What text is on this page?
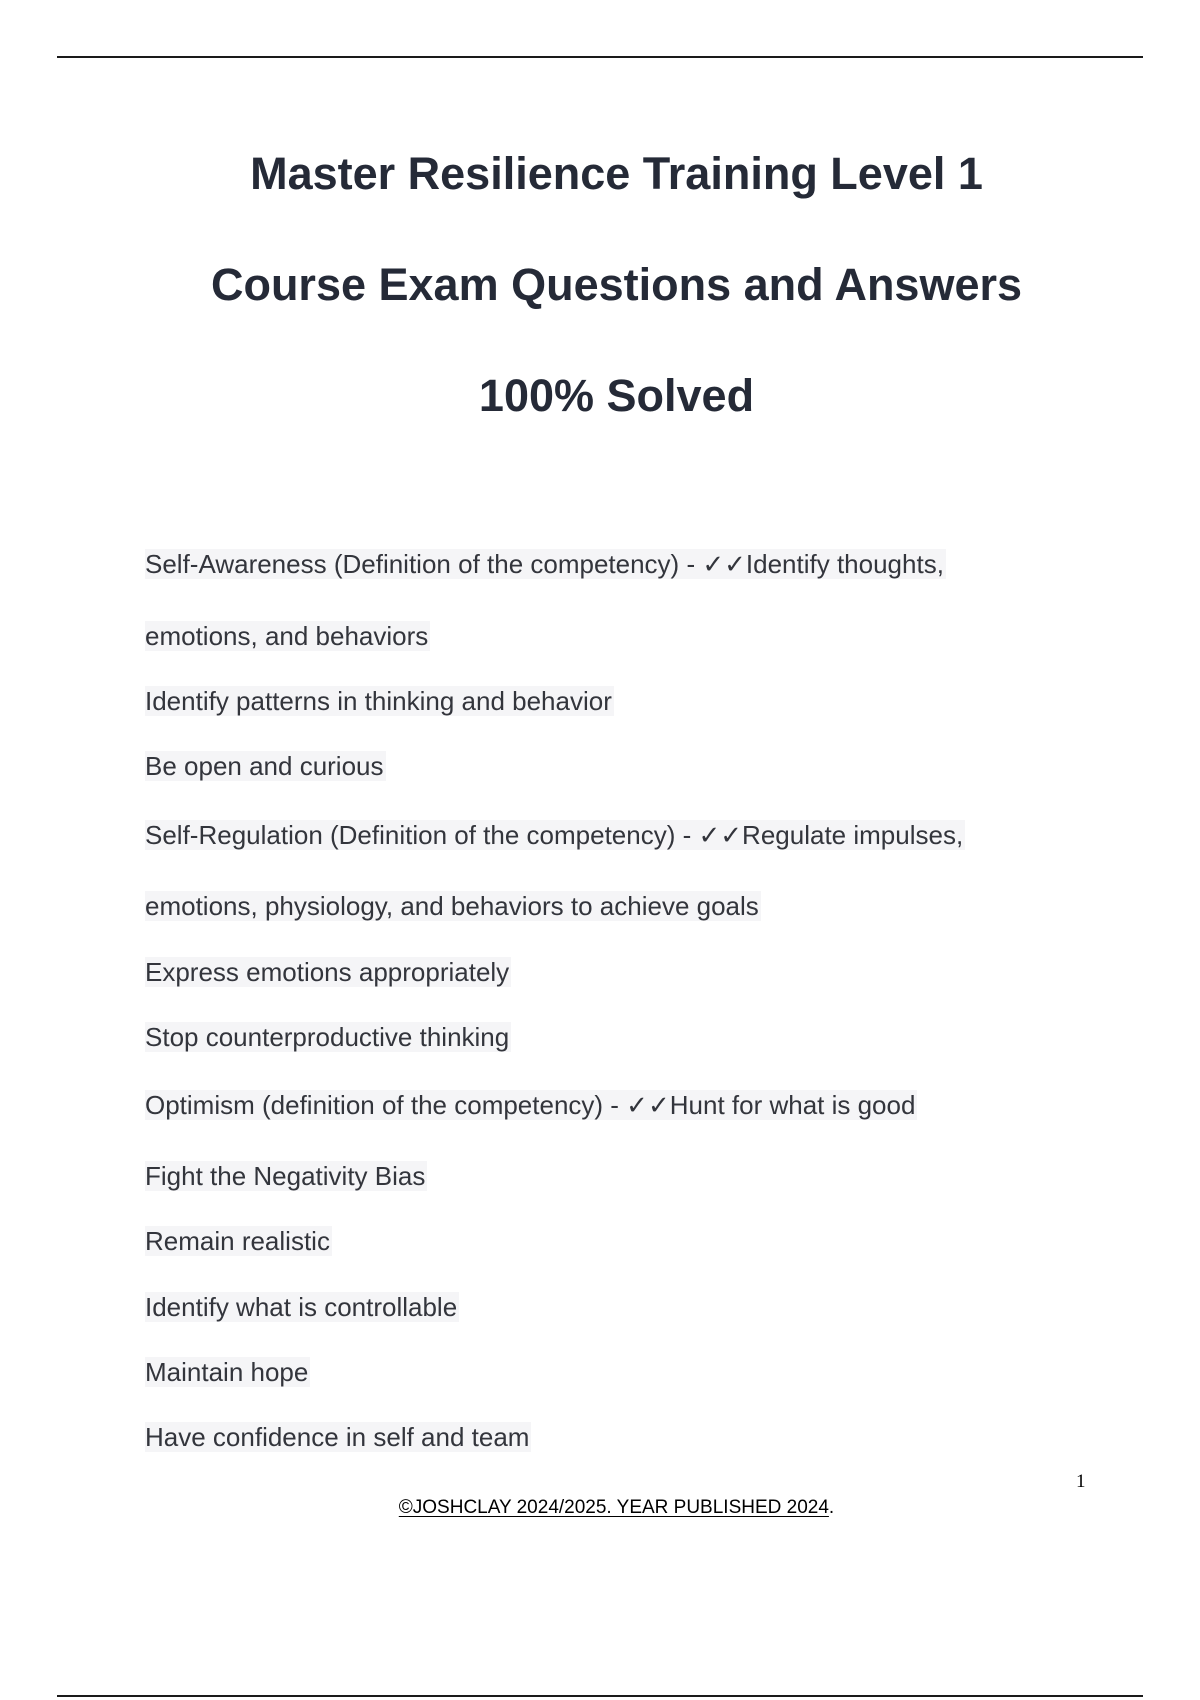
Master Resilience Training Level 1
Course Exam Questions and Answers
100% Solved
Self-Awareness (Definition of the competency) - ✓✓Identify thoughts,
emotions, and behaviors
Identify patterns in thinking and behavior
Be open and curious
Self-Regulation (Definition of the competency) - ✓✓Regulate impulses,
emotions, physiology, and behaviors to achieve goals
Express emotions appropriately
Stop counterproductive thinking
Optimism (definition of the competency) - ✓✓Hunt for what is good
Fight the Negativity Bias
Remain realistic
Identify what is controllable
Maintain hope
Have confidence in self and team
1
©JOSHCLAY 2024/2025. YEAR PUBLISHED 2024.
